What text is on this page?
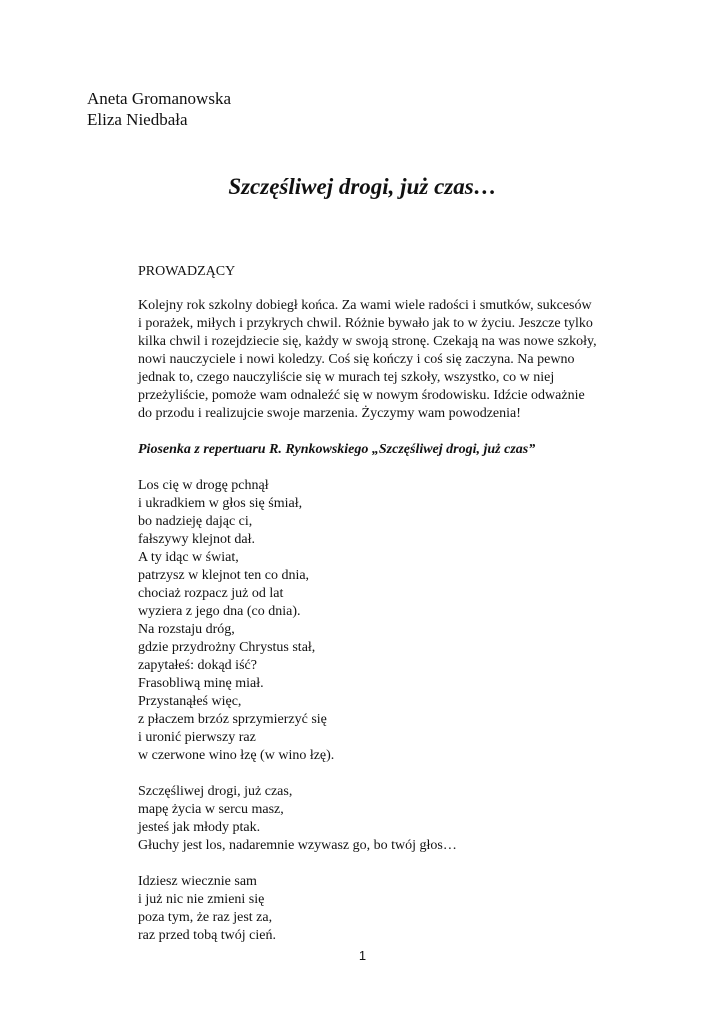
Aneta Gromanowska
Eliza Niedbała
Szczęśliwej drogi, już czas…
PROWADZĄCY
Kolejny rok szkolny dobiegł końca. Za wami wiele radości i smutków, sukcesów
i porażek, miłych i przykrych chwil. Różnie bywało jak to w życiu. Jeszcze tylko
kilka chwil i rozejdziecie się, każdy w swoją stronę. Czekają na was nowe szkoły,
nowi nauczyciele i nowi koledzy. Coś się kończy i coś się zaczyna. Na pewno
jednak to, czego nauczyliście się w murach tej szkoły, wszystko, co w niej
przeżyliście, pomoże wam odnaleźć się w nowym środowisku. Idźcie odważnie
do przodu i realizujcie swoje marzenia. Życzymy wam powodzenia!
Piosenka z repertuaru R. Rynkowskiego „Szczęśliwej drogi, już czas”
Los cię w drogę pchnął
i ukradkiem w głos się śmiał,
bo nadzieję dając ci,
fałszywy klejnot dał.
A ty idąc w świat,
patrzysz w klejnot ten co dnia,
chociaż rozpacz już od lat
wyziera z jego dna (co dnia).
Na rozstaju dróg,
gdzie przydrożny Chrystus stał,
zapytałeś: dokąd iść?
Frasobliwą minę miał.
Przystanąłeś więc,
z płaczem brzóz sprzymierzyć się
i uronić pierwszy raz
w czerwone wino łzę (w wino łzę).
Szczęśliwej drogi, już czas,
mapę życia w sercu masz,
jesteś jak młody ptak.
Głuchy jest los, nadaremnie wzywasz go, bo twój głos…
Idziesz wiecznie sam
i już nic nie zmieni się
poza tym, że raz jest za,
raz przed tobą twój cień.
1
